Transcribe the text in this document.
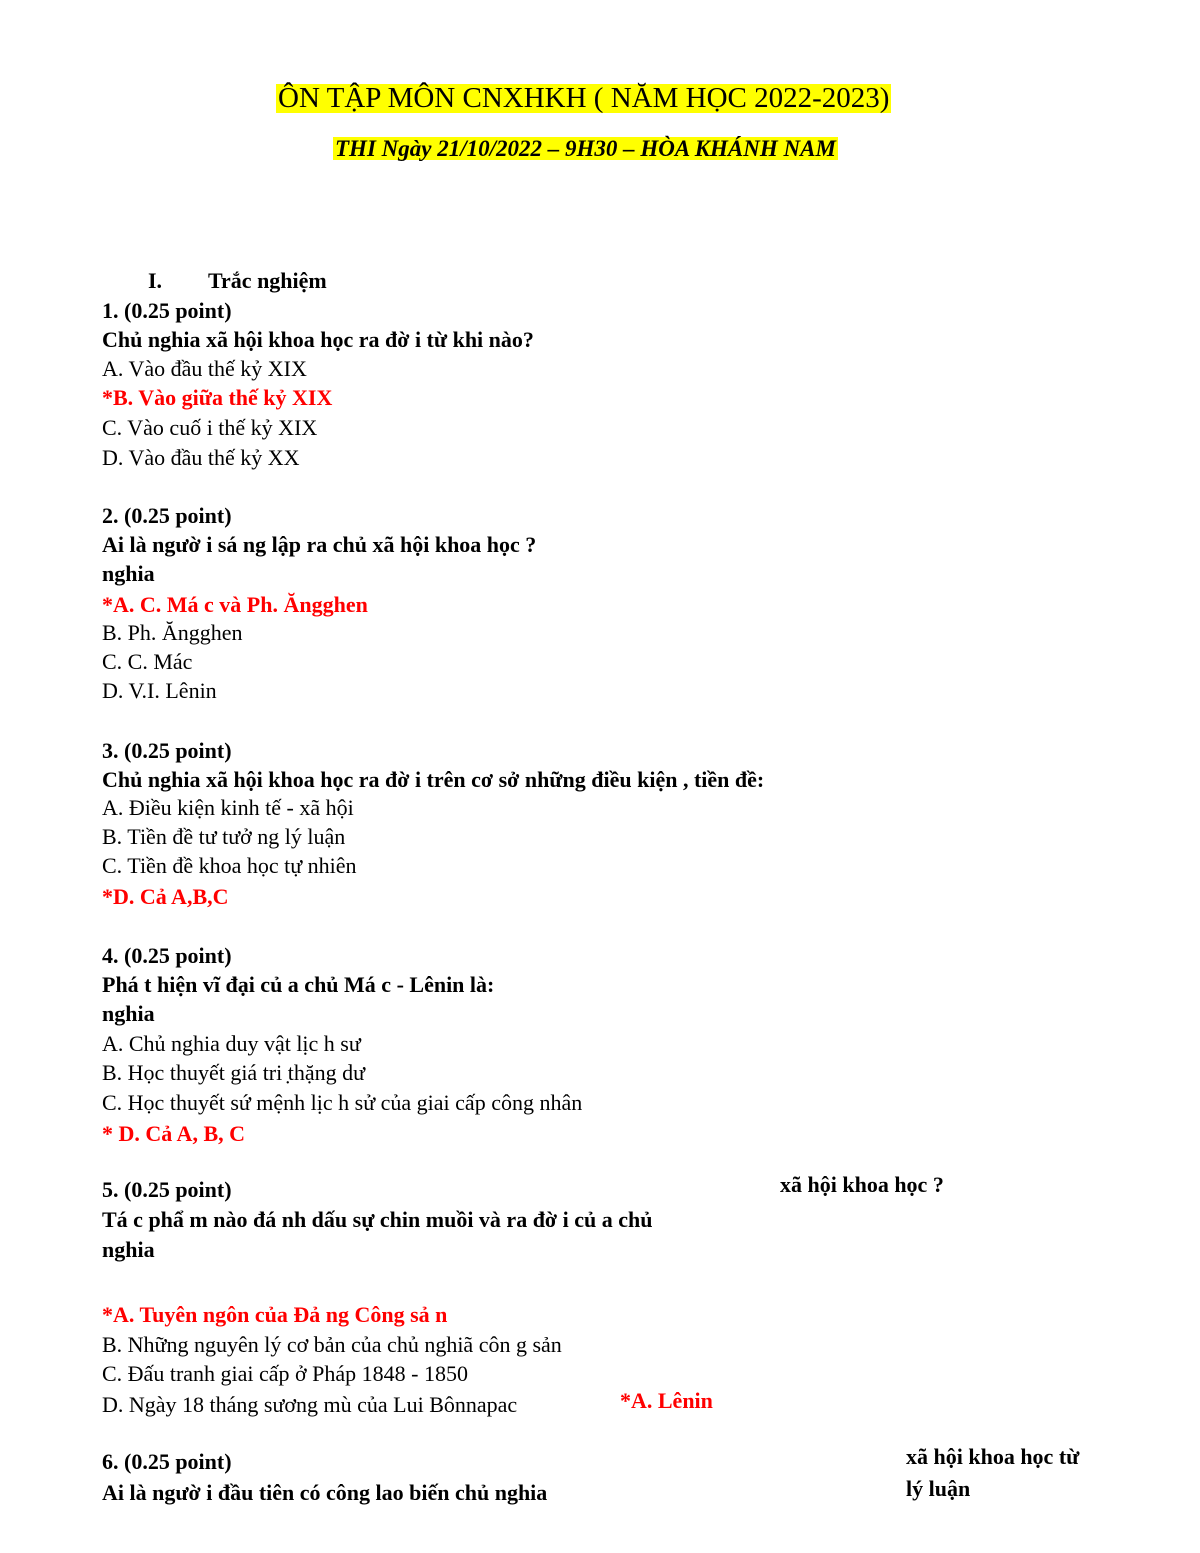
ÔN TẬP MÔN CNXHKH ( NĂM HỌC 2022-2023)
THI Ngày 21/10/2022 – 9H30 – HÒA KHÁNH NAM
I. Trắc nghiệm
1. (0.25 point)
Chủ nghia xã hội khoa học ra đờ i từ khi nào?
A. Vào đầu thế kỷ XIX
*B. Vào giữa thế kỷ XIX
C. Vào cuố i thế kỷ XIX
D. Vào đầu thế kỷ XX
2. (0.25 point)
Ai là ngườ i sá ng lập ra chủ xã hội khoa học ?
nghia
*A. C. Má c và Ph. Ăngghen
B. Ph. Ăngghen
C. C. Mác
D. V.I. Lênin
3. (0.25 point)
Chủ nghia xã hội khoa học ra đờ i trên cơ sở những điều kiện , tiền đề:
A. Điều kiện kinh tế - xã hội
B. Tiền đề tư tưở ng lý luận
C. Tiền đề khoa học tự nhiên
*D. Cả A,B,C
4. (0.25 point)
Phá t hiện vĩ đại củ a chủ Má c - Lênin là:
nghia
A. Chủ nghia duy vật lịc h sư
B. Học thuyết giá tri ̣thặng dư
C. Học thuyết sứ mệnh lịc h sử của giai cấp công nhân
* D. Cả A, B, C
5. (0.25 point)	xã hội khoa học ?
Tá c phẩ m nào đá nh dấu sự chin muồi và ra đờ i củ a chủ
nghia
*A. Tuyên ngôn của Đả ng Công sả n
B. Những nguyên lý cơ bản của chủ nghiã côn g sản
C. Đấu tranh giai cấp ở Pháp 1848 - 1850
D. Ngày 18 tháng sương mù của Lui Bônnapac	*A. Lênin
6. (0.25 point)
Ai là ngườ i đầu tiên có công lao biến chủ nghia
xã hội khoa học từ
lý luận
